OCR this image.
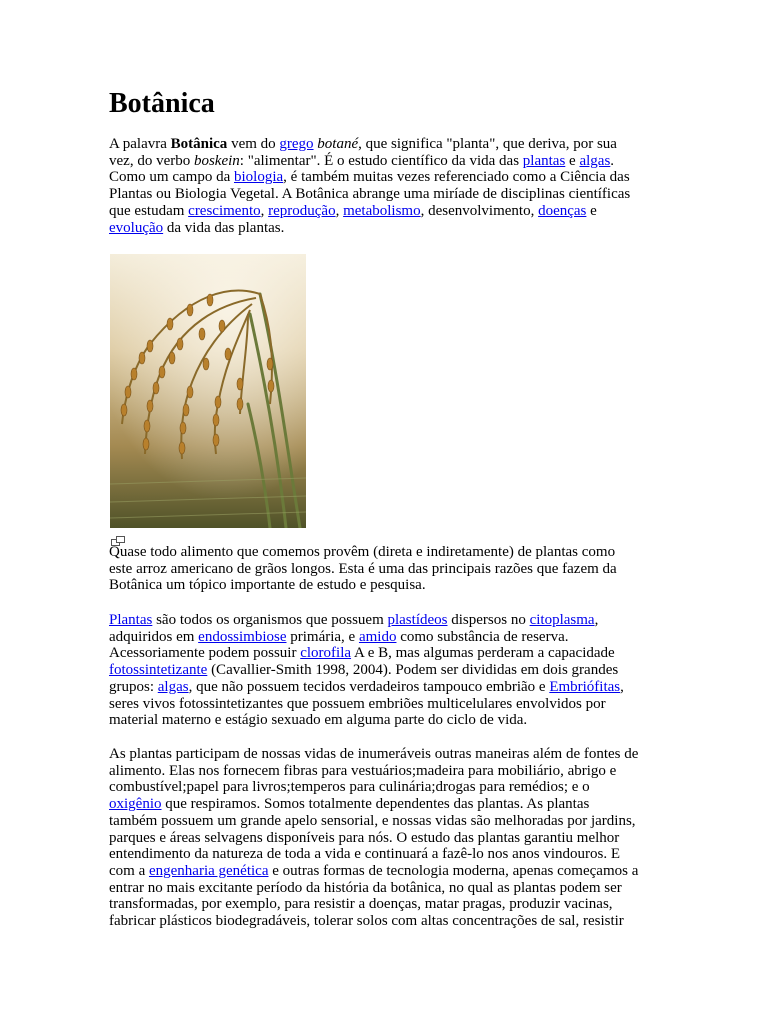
Botânica
A palavra Botânica vem do grego botané, que significa "planta", que deriva, por sua
vez, do verbo boskein: "alimentar". É o estudo científico da vida das plantas e algas.
Como um campo da biologia, é também muitas vezes referenciado como a Ciência das
Plantas ou Biologia Vegetal. A Botânica abrange uma miríade de disciplinas científicas
que estudam crescimento, reprodução, metabolismo, desenvolvimento, doenças e
evolução da vida das plantas.
Quase todo alimento que comemos provêm (direta e indiretamente) de plantas como
este arroz americano de grãos longos. Esta é uma das principais razões que fazem da
Botânica um tópico importante de estudo e pesquisa.
Plantas são todos os organismos que possuem plastídeos dispersos no citoplasma,
adquiridos em endossimbiose primária, e amido como substância de reserva.
Acessoriamente podem possuir clorofila A e B, mas algumas perderam a capacidade
fotossintetizante (Cavallier-Smith 1998, 2004). Podem ser divididas em dois grandes
grupos: algas, que não possuem tecidos verdadeiros tampouco embrião e Embriófitas,
seres vivos fotossintetizantes que possuem embriões multicelulares envolvidos por
material materno e estágio sexuado em alguma parte do ciclo de vida.
As plantas participam de nossas vidas de inumeráveis outras maneiras além de fontes de
alimento. Elas nos fornecem fibras para vestuários;madeira para mobiliário, abrigo e
combustível;papel para livros;temperos para culinária;drogas para remédios; e o
oxigênio que respiramos. Somos totalmente dependentes das plantas. As plantas
também possuem um grande apelo sensorial, e nossas vidas são melhoradas por jardins,
parques e áreas selvagens disponíveis para nós. O estudo das plantas garantiu melhor
entendimento da natureza de toda a vida e continuará a fazê-lo nos anos vindouros. E
com a engenharia genética e outras formas de tecnologia moderna, apenas começamos a
entrar no mais excitante período da história da botânica, no qual as plantas podem ser
transformadas, por exemplo, para resistir a doenças, matar pragas, produzir vacinas,
fabricar plásticos biodegradáveis, tolerar solos com altas concentrações de sal, resistir
